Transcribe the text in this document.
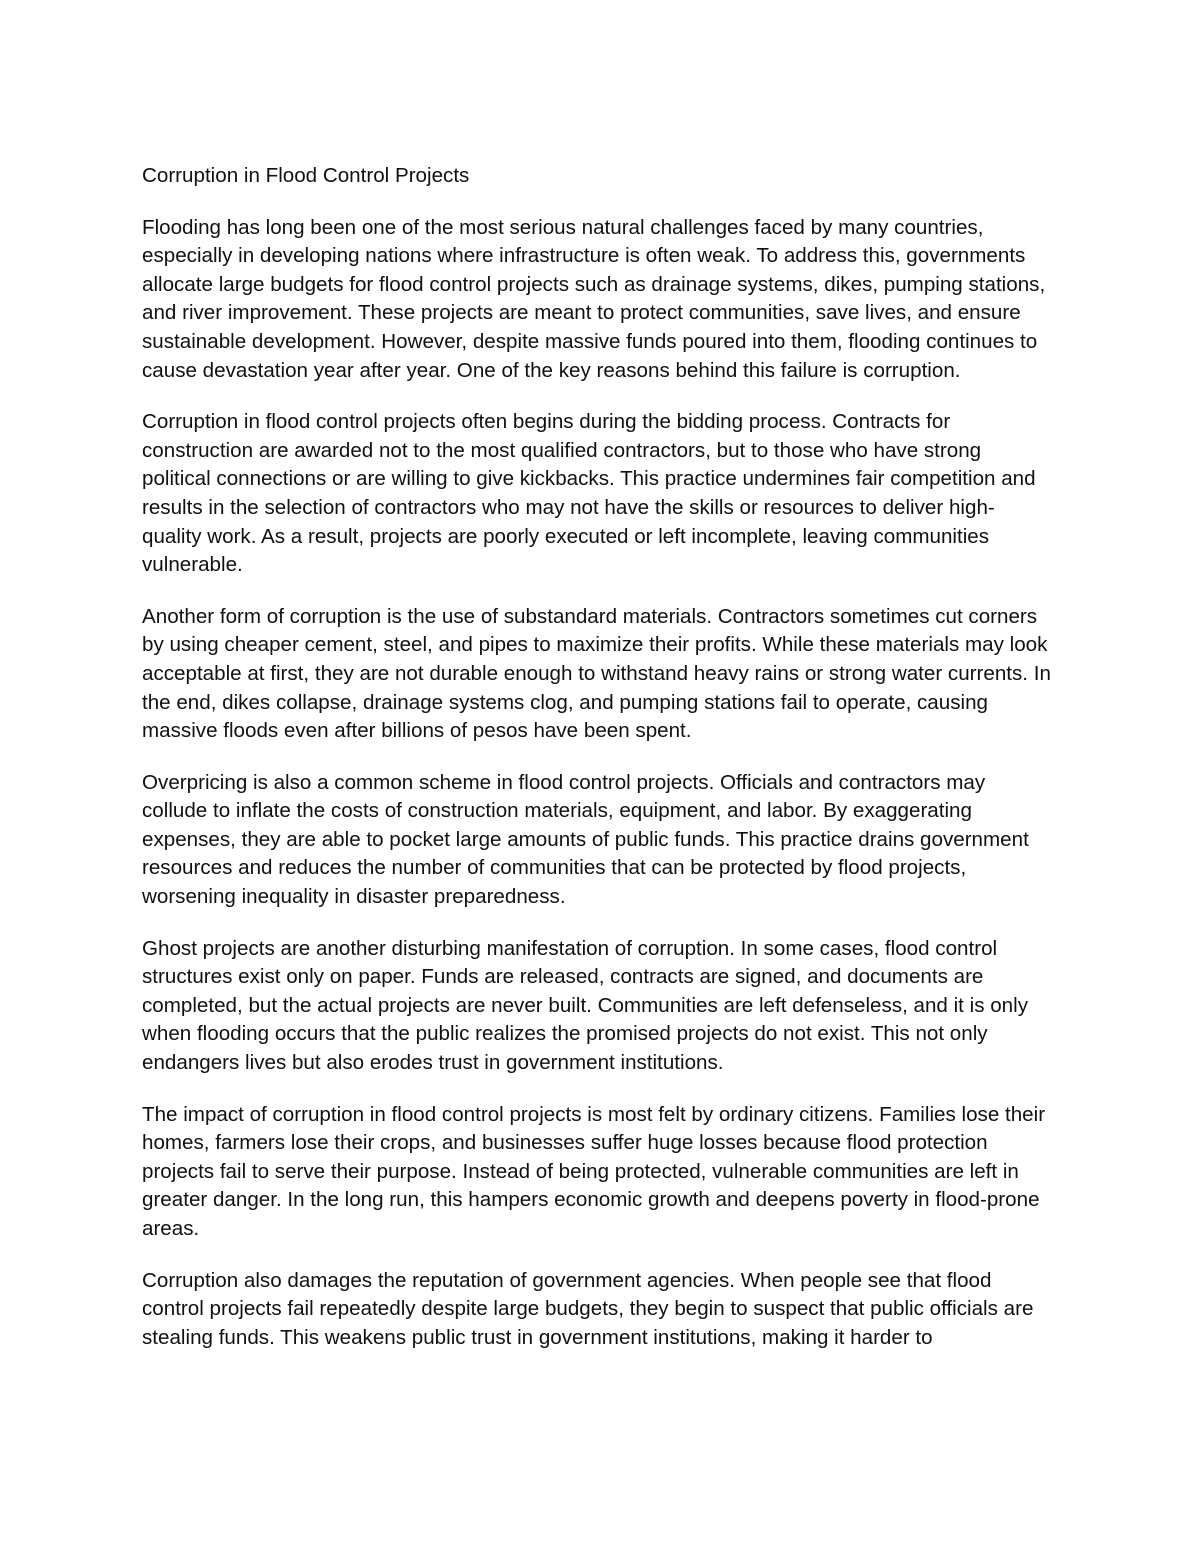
Corruption in Flood Control Projects

Flooding has long been one of the most serious natural challenges faced by many countries, especially in developing nations where infrastructure is often weak. To address this, governments allocate large budgets for flood control projects such as drainage systems, dikes, pumping stations, and river improvement. These projects are meant to protect communities, save lives, and ensure sustainable development. However, despite massive funds poured into them, flooding continues to cause devastation year after year. One of the key reasons behind this failure is corruption.

Corruption in flood control projects often begins during the bidding process. Contracts for construction are awarded not to the most qualified contractors, but to those who have strong political connections or are willing to give kickbacks. This practice undermines fair competition and results in the selection of contractors who may not have the skills or resources to deliver high-quality work. As a result, projects are poorly executed or left incomplete, leaving communities vulnerable.

Another form of corruption is the use of substandard materials. Contractors sometimes cut corners by using cheaper cement, steel, and pipes to maximize their profits. While these materials may look acceptable at first, they are not durable enough to withstand heavy rains or strong water currents. In the end, dikes collapse, drainage systems clog, and pumping stations fail to operate, causing massive floods even after billions of pesos have been spent.

Overpricing is also a common scheme in flood control projects. Officials and contractors may collude to inflate the costs of construction materials, equipment, and labor. By exaggerating expenses, they are able to pocket large amounts of public funds. This practice drains government resources and reduces the number of communities that can be protected by flood projects, worsening inequality in disaster preparedness.

Ghost projects are another disturbing manifestation of corruption. In some cases, flood control structures exist only on paper. Funds are released, contracts are signed, and documents are completed, but the actual projects are never built. Communities are left defenseless, and it is only when flooding occurs that the public realizes the promised projects do not exist. This not only endangers lives but also erodes trust in government institutions.

The impact of corruption in flood control projects is most felt by ordinary citizens. Families lose their homes, farmers lose their crops, and businesses suffer huge losses because flood protection projects fail to serve their purpose. Instead of being protected, vulnerable communities are left in greater danger. In the long run, this hampers economic growth and deepens poverty in flood-prone areas.

Corruption also damages the reputation of government agencies. When people see that flood control projects fail repeatedly despite large budgets, they begin to suspect that public officials are stealing funds. This weakens public trust in government institutions, making it harder to
